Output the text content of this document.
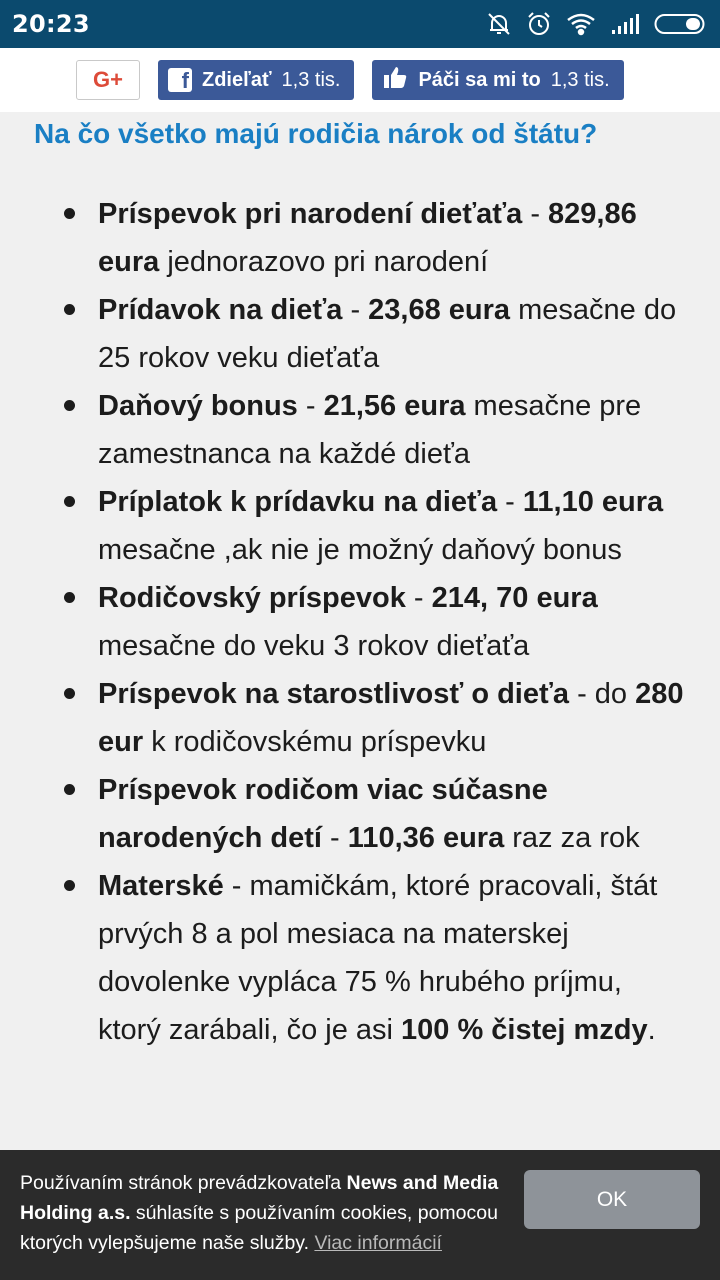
20:23
G+	f Zdieľať 1,3 tis.	Páči sa mi to 1,3 tis.
Na čo všetko majú rodičia nárok od štátu?
Príspevok pri narodení dieťaťa - 829,86 eura jednorazovo pri narodení
Prídavok na dieťa - 23,68 eura mesačne do 25 rokov veku dieťaťa
Daňový bonus - 21,56 eura mesačne pre zamestnanca na každé dieťa
Príplatok k prídavku na dieťa - 11,10 eura mesačne ,ak nie je možný daňový bonus
Rodičovský príspevok - 214, 70 eura mesačne do veku 3 rokov dieťaťa
Príspevok na starostlivosť o dieťa - do 280 eur k rodičovskému príspevku
Príspevok rodičom viac súčasne narodených detí - 110,36 eura raz za rok
Materské - mamičkám, ktoré pracovali, štát prvých 8 a pol mesiaca na materskej dovolenke vypláca 75 % hrubého príjmu, ktorý zarábali, čo je asi 100 % čistej mzdy.
Používaním stránok prevádzkovateľa News and Media Holding a.s. súhlasíte s používaním cookies, pomocou ktorých vylepšujeme naše služby. Viac informácií
OK
